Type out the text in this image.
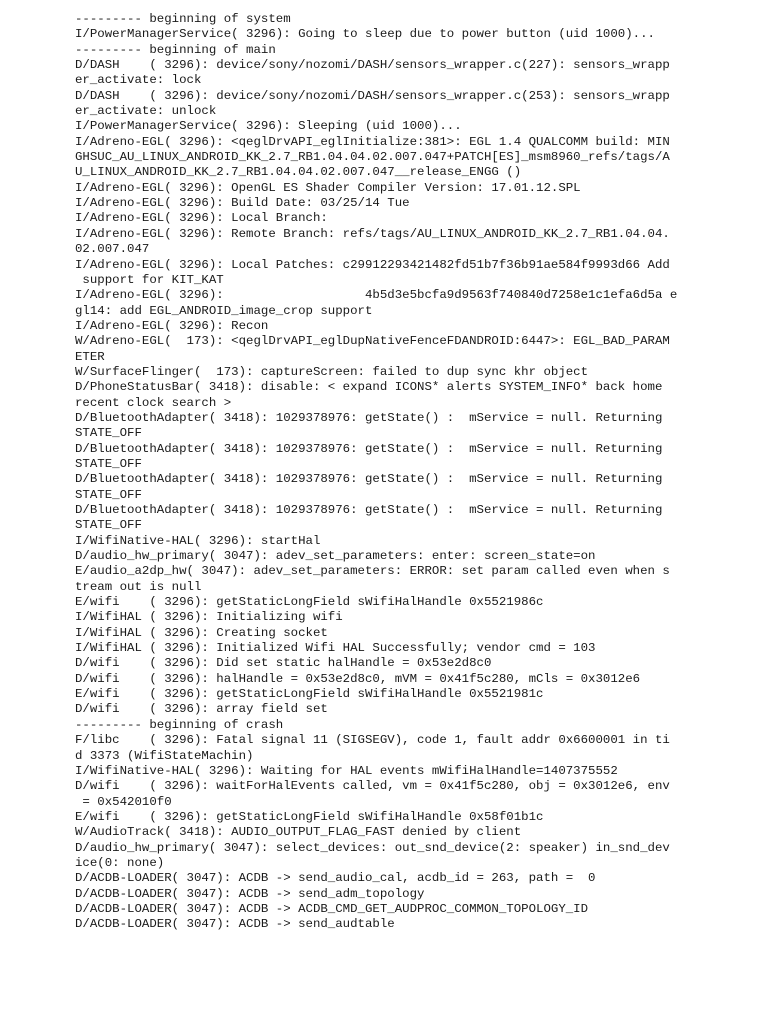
--------- beginning of system
I/PowerManagerService( 3296): Going to sleep due to power button (uid 1000)...
--------- beginning of main
D/DASH    ( 3296): device/sony/nozomi/DASH/sensors_wrapper.c(227): sensors_wrapp
er_activate: lock
D/DASH    ( 3296): device/sony/nozomi/DASH/sensors_wrapper.c(253): sensors_wrapp
er_activate: unlock
I/PowerManagerService( 3296): Sleeping (uid 1000)...
I/Adreno-EGL( 3296): <qeglDrvAPI_eglInitialize:381>: EGL 1.4 QUALCOMM build: MIN
GHSUC_AU_LINUX_ANDROID_KK_2.7_RB1.04.04.02.007.047+PATCH[ES]_msm8960_refs/tags/A
U_LINUX_ANDROID_KK_2.7_RB1.04.04.02.007.047__release_ENGG ()
I/Adreno-EGL( 3296): OpenGL ES Shader Compiler Version: 17.01.12.SPL
I/Adreno-EGL( 3296): Build Date: 03/25/14 Tue
I/Adreno-EGL( 3296): Local Branch:
I/Adreno-EGL( 3296): Remote Branch: refs/tags/AU_LINUX_ANDROID_KK_2.7_RB1.04.04.
02.007.047
I/Adreno-EGL( 3296): Local Patches: c29912293421482fd51b7f36b91ae584f9993d66 Add
support for KIT_KAT
I/Adreno-EGL( 3296):                   4b5d3e5bcfa9d9563f740840d7258e1c1efa6d5a e
gl14: add EGL_ANDROID_image_crop support
I/Adreno-EGL( 3296): Recon
W/Adreno-EGL(  173): <qeglDrvAPI_eglDupNativeFenceFDANDROID:6447>: EGL_BAD_PARAM
ETER
W/SurfaceFlinger(  173): captureScreen: failed to dup sync khr object
D/PhoneStatusBar( 3418): disable: < expand ICONS* alerts SYSTEM_INFO* back home
recent clock search >
D/BluetoothAdapter( 3418): 1029378976: getState() :  mService = null. Returning
STATE_OFF
D/BluetoothAdapter( 3418): 1029378976: getState() :  mService = null. Returning
STATE_OFF
D/BluetoothAdapter( 3418): 1029378976: getState() :  mService = null. Returning
STATE_OFF
D/BluetoothAdapter( 3418): 1029378976: getState() :  mService = null. Returning
STATE_OFF
I/WifiNative-HAL( 3296): startHal
D/audio_hw_primary( 3047): adev_set_parameters: enter: screen_state=on
E/audio_a2dp_hw( 3047): adev_set_parameters: ERROR: set param called even when s
tream out is null
E/wifi    ( 3296): getStaticLongField sWifiHalHandle 0x5521986c
I/WifiHAL ( 3296): Initializing wifi
I/WifiHAL ( 3296): Creating socket
I/WifiHAL ( 3296): Initialized Wifi HAL Successfully; vendor cmd = 103
D/wifi    ( 3296): Did set static halHandle = 0x53e2d8c0
D/wifi    ( 3296): halHandle = 0x53e2d8c0, mVM = 0x41f5c280, mCls = 0x3012e6
E/wifi    ( 3296): getStaticLongField sWifiHalHandle 0x5521981c
D/wifi    ( 3296): array field set
--------- beginning of crash
F/libc    ( 3296): Fatal signal 11 (SIGSEGV), code 1, fault addr 0x6600001 in ti
d 3373 (WifiStateMachin)
I/WifiNative-HAL( 3296): Waiting for HAL events mWifiHalHandle=1407375552
D/wifi    ( 3296): waitForHalEvents called, vm = 0x41f5c280, obj = 0x3012e6, env
= 0x542010f0
E/wifi    ( 3296): getStaticLongField sWifiHalHandle 0x58f01b1c
W/AudioTrack( 3418): AUDIO_OUTPUT_FLAG_FAST denied by client
D/audio_hw_primary( 3047): select_devices: out_snd_device(2: speaker) in_snd_dev
ice(0: none)
D/ACDB-LOADER( 3047): ACDB -> send_audio_cal, acdb_id = 263, path =  0
D/ACDB-LOADER( 3047): ACDB -> send_adm_topology
D/ACDB-LOADER( 3047): ACDB -> ACDB_CMD_GET_AUDPROC_COMMON_TOPOLOGY_ID
D/ACDB-LOADER( 3047): ACDB -> send_audtable
